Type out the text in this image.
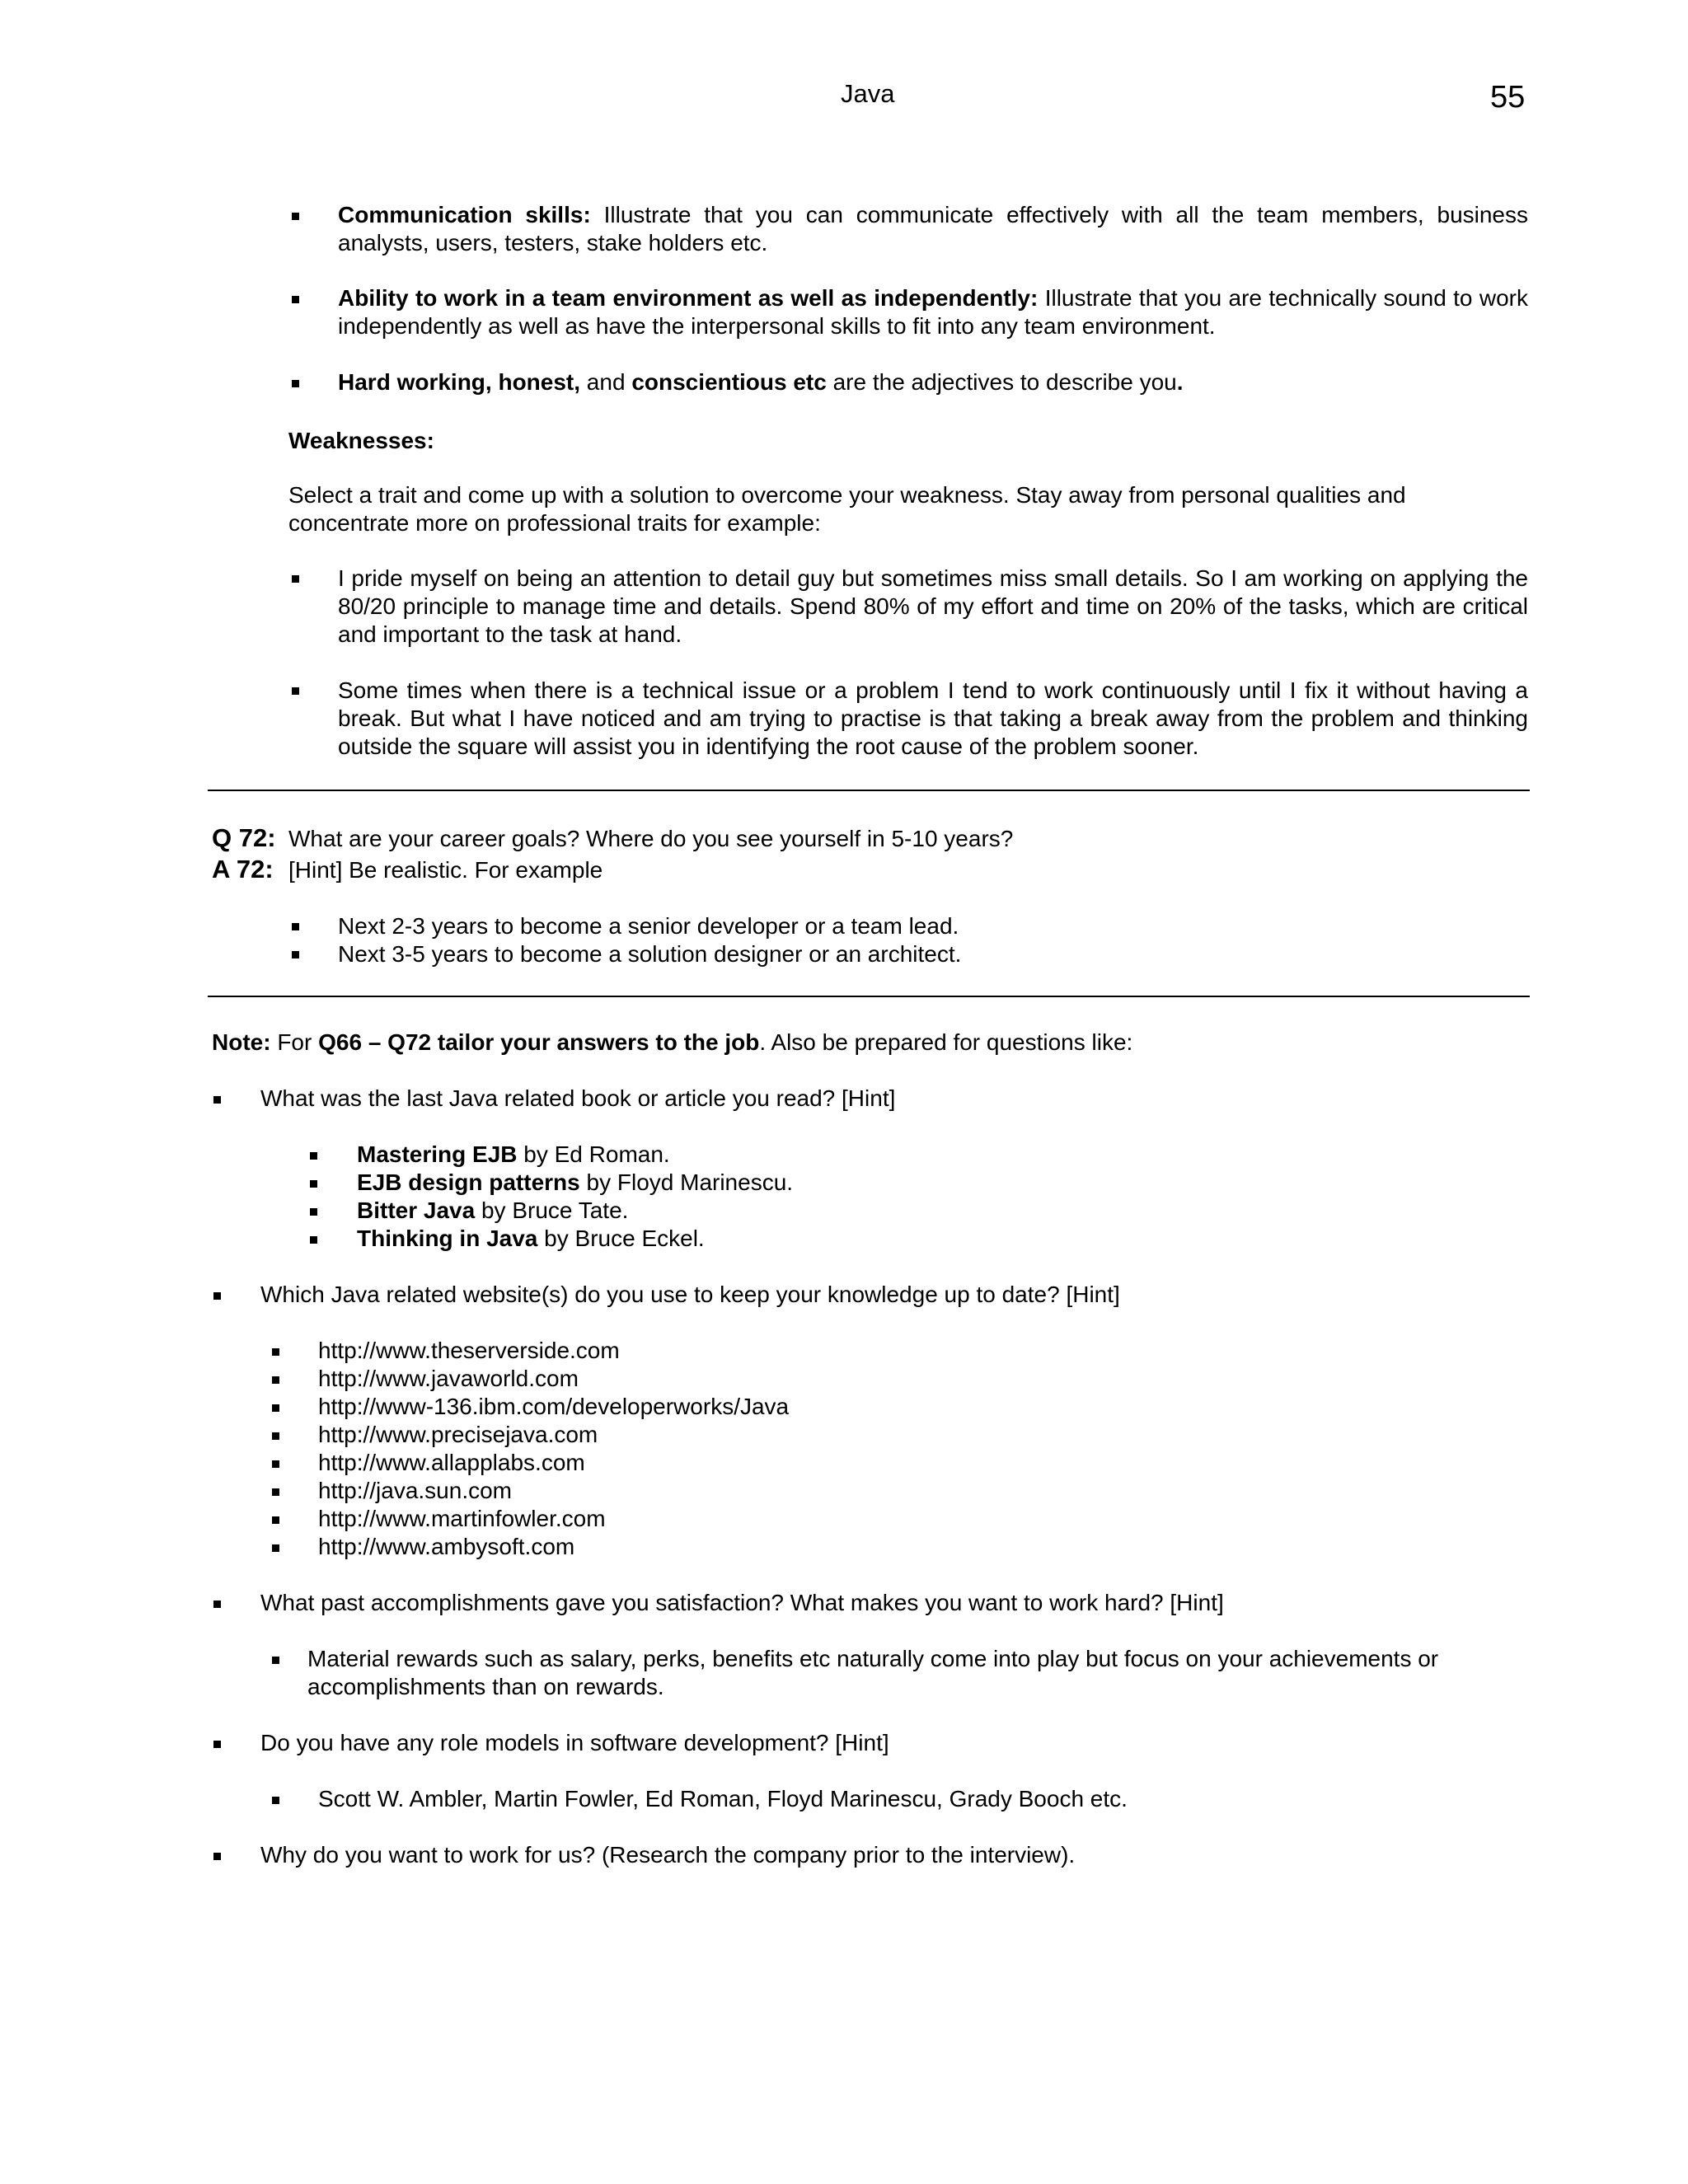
Java	55

Communication skills: Illustrate that you can communicate effectively with all the team members, business analysts, users, testers, stake holders etc.

Ability to work in a team environment as well as independently: Illustrate that you are technically sound to work independently as well as have the interpersonal skills to fit into any team environment.

Hard working, honest, and conscientious etc are the adjectives to describe you.

Weaknesses:

Select a trait and come up with a solution to overcome your weakness. Stay away from personal qualities and concentrate more on professional traits for example:

I pride myself on being an attention to detail guy but sometimes miss small details. So I am working on applying the 80/20 principle to manage time and details. Spend 80% of my effort and time on 20% of the tasks, which are critical and important to the task at hand.

Some times when there is a technical issue or a problem I tend to work continuously until I fix it without having a break. But what I have noticed and am trying to practise is that taking a break away from the problem and thinking outside the square will assist you in identifying the root cause of the problem sooner.

Q 72: What are your career goals? Where do you see yourself in 5-10 years?

A 72: [Hint] Be realistic. For example

Next 2-3 years to become a senior developer or a team lead.

Next 3-5 years to become a solution designer or an architect.

Note: For Q66 – Q72 tailor your answers to the job. Also be prepared for questions like:

What was the last Java related book or article you read? [Hint]

Mastering EJB by Ed Roman.

EJB design patterns by Floyd Marinescu.

Bitter Java by Bruce Tate.

Thinking in Java by Bruce Eckel.

Which Java related website(s) do you use to keep your knowledge up to date? [Hint]

http://www.theserverside.com

http://www.javaworld.com

http://www-136.ibm.com/developerworks/Java

http://www.precisejava.com

http://www.allapplabs.com

http://java.sun.com

http://www.martinfowler.com

http://www.ambysoft.com

What past accomplishments gave you satisfaction? What makes you want to work hard? [Hint]

Material rewards such as salary, perks, benefits etc naturally come into play but focus on your achievements or accomplishments than on rewards.

Do you have any role models in software development? [Hint]

Scott W. Ambler, Martin Fowler, Ed Roman, Floyd Marinescu, Grady Booch etc.

Why do you want to work for us? (Research the company prior to the interview).
